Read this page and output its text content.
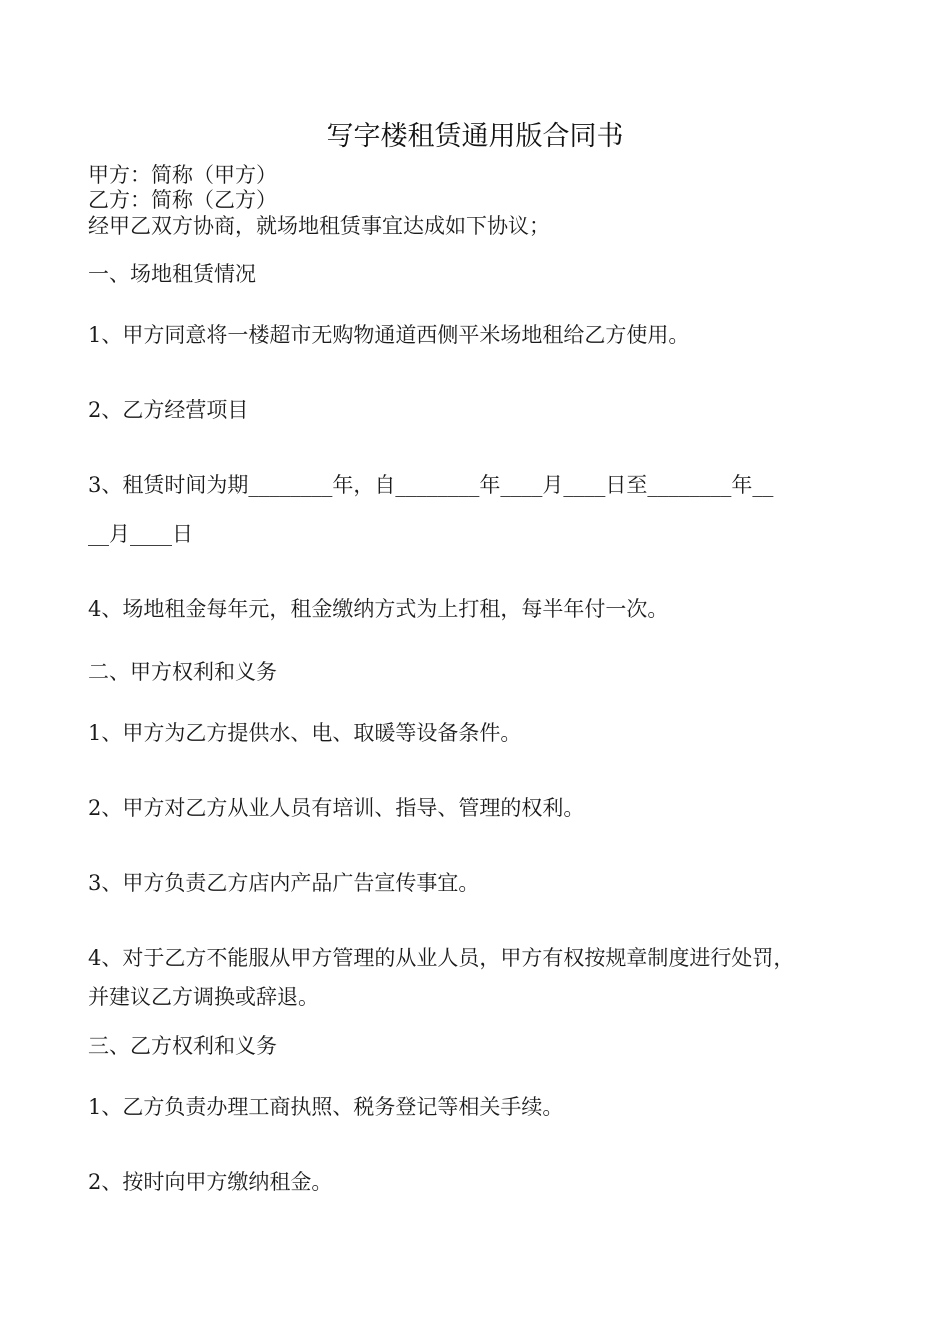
写字楼租赁通用版合同书
甲方：简称（甲方）
乙方：简称（乙方）
经甲乙双方协商，就场地租赁事宜达成如下协议；
一、场地租赁情况
1、甲方同意将一楼超市无购物通道西侧平米场地租给乙方使用。
2、乙方经营项目
3、租赁时间为期________年，自________年____月____日至________年__
__月____日
4、场地租金每年元，租金缴纳方式为上打租，每半年付一次。
二、甲方权利和义务
1、甲方为乙方提供水、电、取暖等设备条件。
2、甲方对乙方从业人员有培训、指导、管理的权利。
3、甲方负责乙方店内产品广告宣传事宜。
4、对于乙方不能服从甲方管理的从业人员，甲方有权按规章制度进行处罚，
并建议乙方调换或辞退。
三、乙方权利和义务
1、乙方负责办理工商执照、税务登记等相关手续。
2、按时向甲方缴纳租金。
